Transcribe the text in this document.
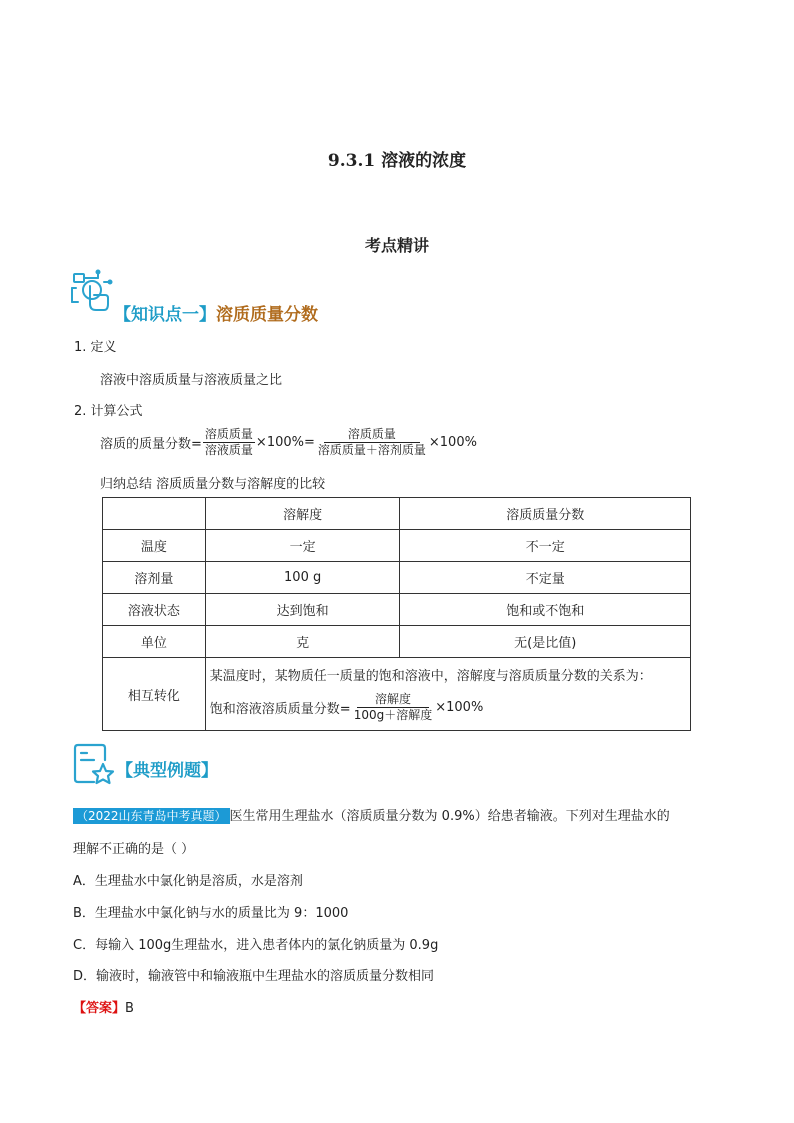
9.3.1 溶液的浓度
考点精讲
【知识点一】溶质质量分数
1. 定义
溶液中溶质质量与溶液质量之比
2. 计算公式
溶质的质量分数= $\frac{\text{溶质质量}}{\text{溶液质量}} \times 100\%= \frac{\text{溶质质量}}{\text{溶质质量＋溶剂质量}} \times 100\%$
归纳总结 溶质质量分数与溶解度的比较
	溶解度	溶质质量分数
温度	一定	不一定
溶剂量	100 g	不定量
溶液状态	达到饱和	饱和或不饱和
单位	克	无(是比值)
相互转化	某温度时，某物质任一质量的饱和溶液中，溶解度与溶质质量分数的关系为：
饱和溶液溶质质量分数= $\frac{\text{溶解度}}{\text{100g＋溶解度}} \times 100\%$	
【典型例题】
（2022山东青岛中考真题） 医生常用生理盐水（溶质质量分数为 0.9%）给患者输液。下列对生理盐水的
理解不正确的是（ ）
A．生理盐水中氯化钠是溶质，水是溶剂
B．生理盐水中氯化钠与水的质量比为 9：1000
C．每输入 100g生理盐水，进入患者体内的氯化钠质量为 0.9g
D．输液时，输液管中和输液瓶中生理盐水的溶质质量分数相同
【答案】B
